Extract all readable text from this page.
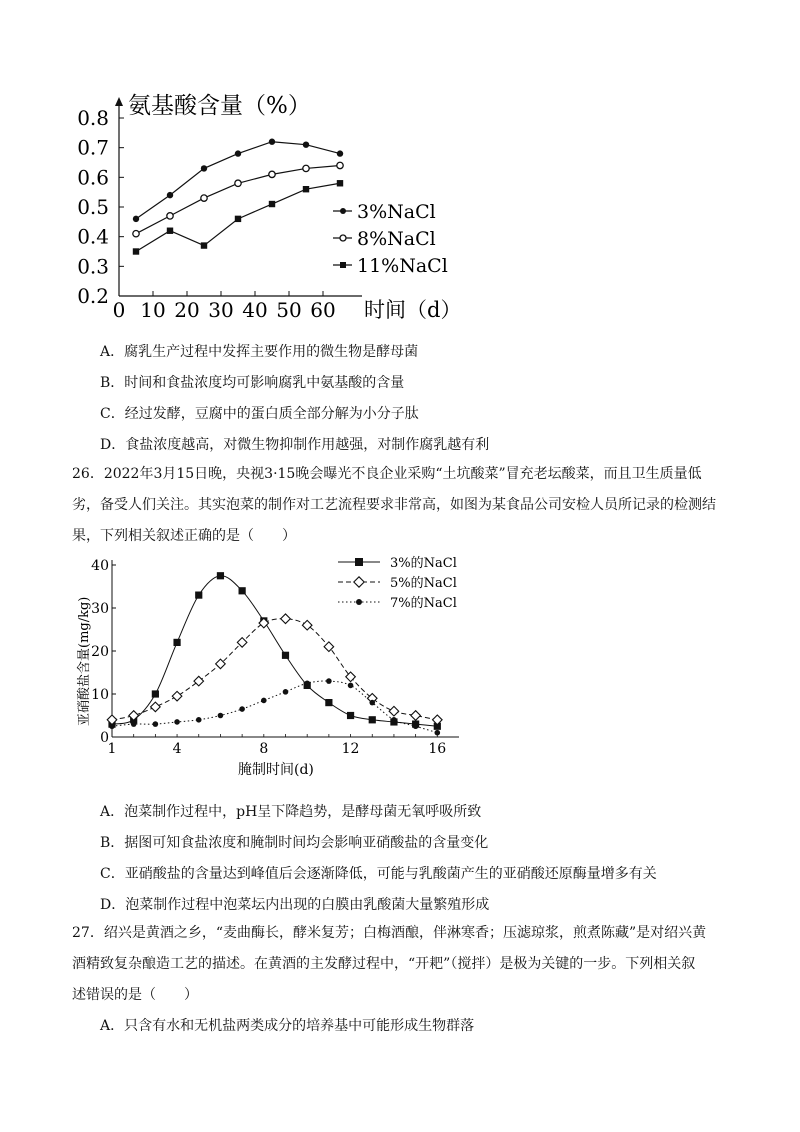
0.2
0.3
0.4
0.5
0.6
0.7
0.8
0 10 20 30 40 50 60
3%NaCl
8%NaCl
11%NaCl
氨基酸含量（%）
时间（d）
A．腐乳生产过程中发挥主要作用的微生物是酵母菌
B．时间和食盐浓度均可影响腐乳中氨基酸的含量
C．经过发酵，豆腐中的蛋白质全部分解为小分子肽
D．食盐浓度越高，对微生物抑制作用越强，对制作腐乳越有利
26．2022年3月15日晚，央视3·15晚会曝光不良企业采购“土坑酸菜”冒充老坛酸菜，而且卫生质量低
劣，备受人们关注。其实泡菜的制作对工艺流程要求非常高，如图为某食品公司安检人员所记录的检测结
果，下列相关叙述正确的是（　　）
0
10
20
30
40
1	4	8	12	16
3%的NaCl
5%的NaCl
7%的NaCl
亚硝酸盐含量(mg/kg)
腌制时间(d)
A．泡菜制作过程中，pH呈下降趋势，是酵母菌无氧呼吸所致
B．据图可知食盐浓度和腌制时间均会影响亚硝酸盐的含量变化
C．亚硝酸盐的含量达到峰值后会逐渐降低，可能与乳酸菌产生的亚硝酸还原酶量增多有关
D．泡菜制作过程中泡菜坛内出现的白膜由乳酸菌大量繁殖形成
27．绍兴是黄酒之乡，“麦曲酶长，酵米复芳；白梅酒酿，伴淋寒香；压滤琼浆，煎煮陈藏”是对绍兴黄
酒精致复杂酿造工艺的描述。在黄酒的主发酵过程中，“开耙”（搅拌）是极为关键的一步。下列相关叙
述错误的是（　　）
A．只含有水和无机盐两类成分的培养基中可能形成生物群落
